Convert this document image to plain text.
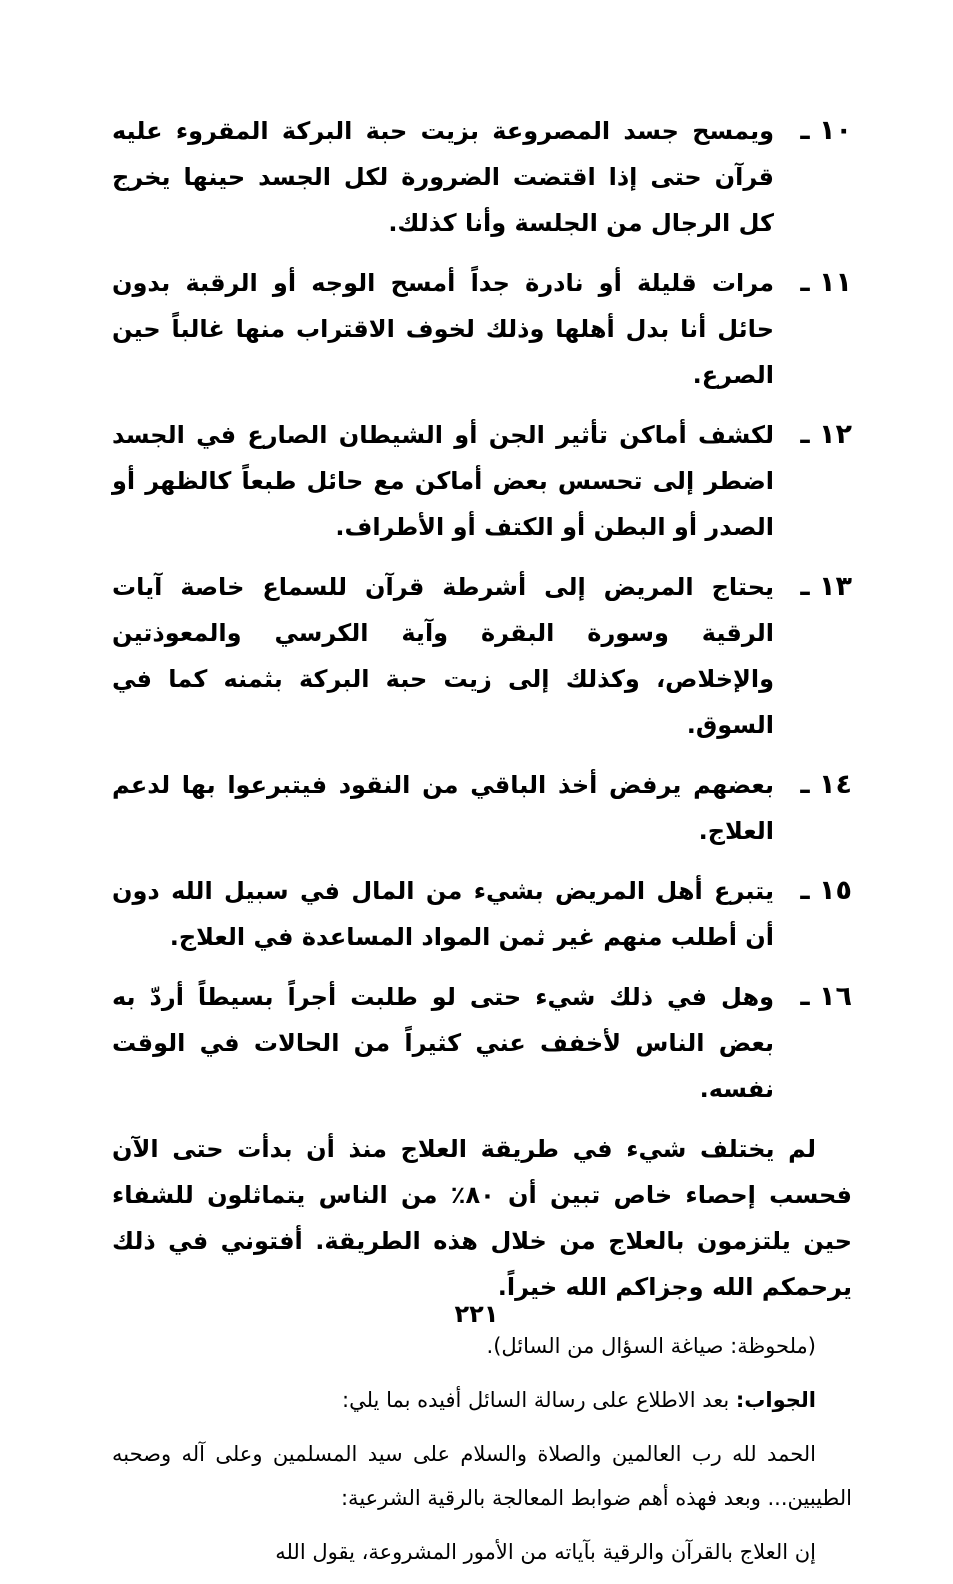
١٠ ـ
ويمسح جسد المصروعة بزيت حبة البركة المقروء عليه قرآن حتى إذا اقتضت الضرورة لكل الجسد حينها يخرج كل الرجال من الجلسة وأنا كذلك.
١١ ـ
مرات قليلة أو نادرة جداً أمسح الوجه أو الرقبة بدون حائل أنا بدل أهلها وذلك لخوف الاقتراب منها غالباً حين الصرع.
١٢ ـ
لكشف أماكن تأثير الجن أو الشيطان الصارع في الجسد اضطر إلى تحسس بعض أماكن مع حائل طبعاً كالظهر أو الصدر أو البطن أو الكتف أو الأطراف.
١٣ ـ
يحتاج المريض إلى أشرطة قرآن للسماع خاصة آيات الرقية وسورة البقرة وآية الكرسي والمعوذتين والإخلاص، وكذلك إلى زيت حبة البركة بثمنه كما في السوق.
١٤ ـ
بعضهم يرفض أخذ الباقي من النقود فيتبرعوا بها لدعم العلاج.
١٥ ـ
يتبرع أهل المريض بشيء من المال في سبيل الله دون أن أطلب منهم غير ثمن المواد المساعدة في العلاج.
١٦ ـ
وهل في ذلك شيء حتى لو طلبت أجراً بسيطاً أردّ به بعض الناس لأخفف عني كثيراً من الحالات في الوقت نفسه.

لم يختلف شيء في طريقة العلاج منذ أن بدأت حتى الآن فحسب إحصاء خاص تبين أن ٨٠٪ من الناس يتماثلون للشفاء حين يلتزمون بالعلاج من خلال هذه الطريقة. أفتوني في ذلك يرحمكم الله وجزاكم الله خيراً.

(ملحوظة: صياغة السؤال من السائل).

الجواب: بعد الاطلاع على رسالة السائل أفيده بما يلي:

الحمد لله رب العالمين والصلاة والسلام على سيد المسلمين وعلى آله وصحبه الطيبين... وبعد فهذه أهم ضوابط المعالجة بالرقية الشرعية:

إن العلاج بالقرآن والرقية بآياته من الأمور المشروعة، يقول الله

٢٢١
